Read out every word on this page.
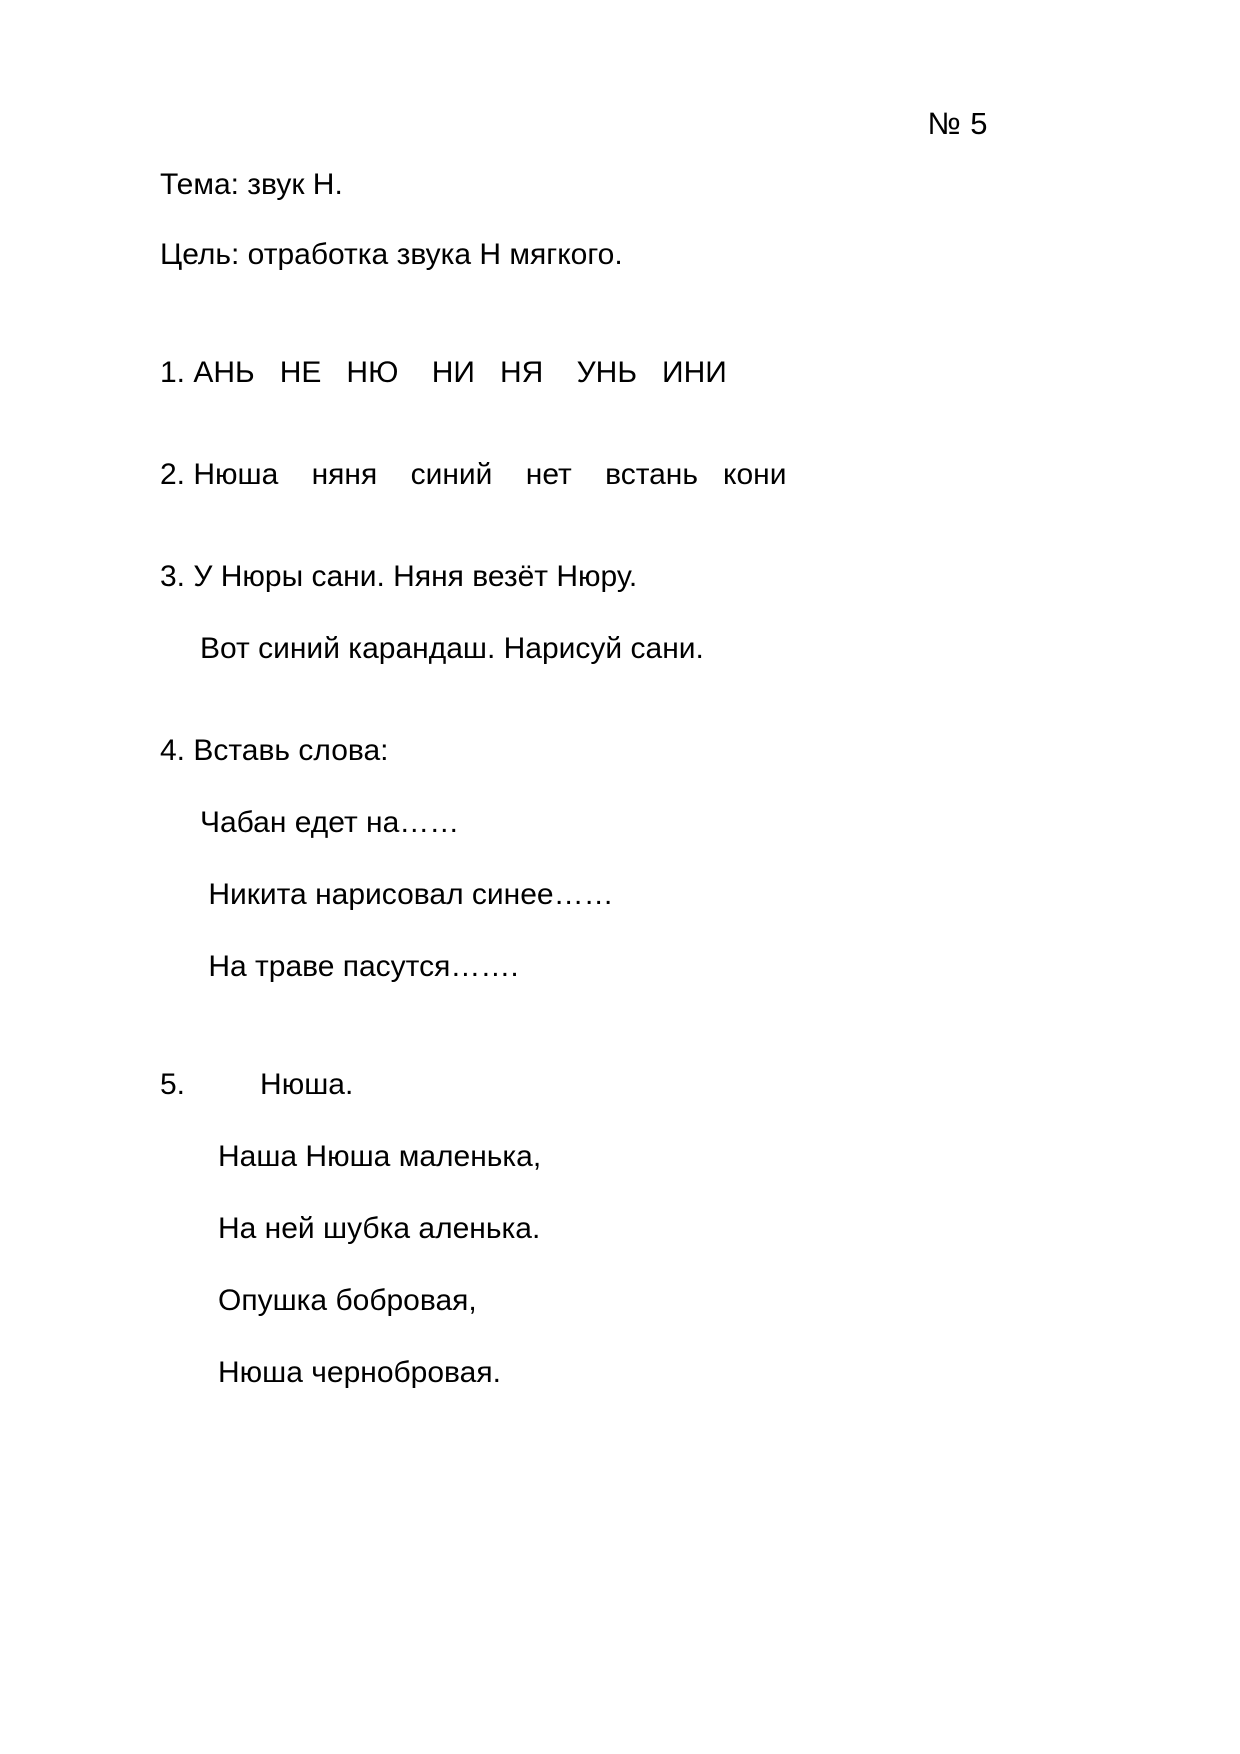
№ 5
Тема: звук Н.
Цель: отработка звука Н мягкого.
1. АНЬ   НЕ   НЮ    НИ   НЯ    УНЬ   ИНИ
2. Нюша    няня    синий    нет    встань   кони
3. У Нюры сани. Няня везёт Нюру.
Вот синий карандаш. Нарисуй сани.
4. Вставь слова:
Чабан едет на……
Никита нарисовал синее……
На траве пасутся…….
5.         Нюша.
Наша Нюша маленька,
На ней шубка аленька.
Опушка бобровая,
Нюша чернобровая.
